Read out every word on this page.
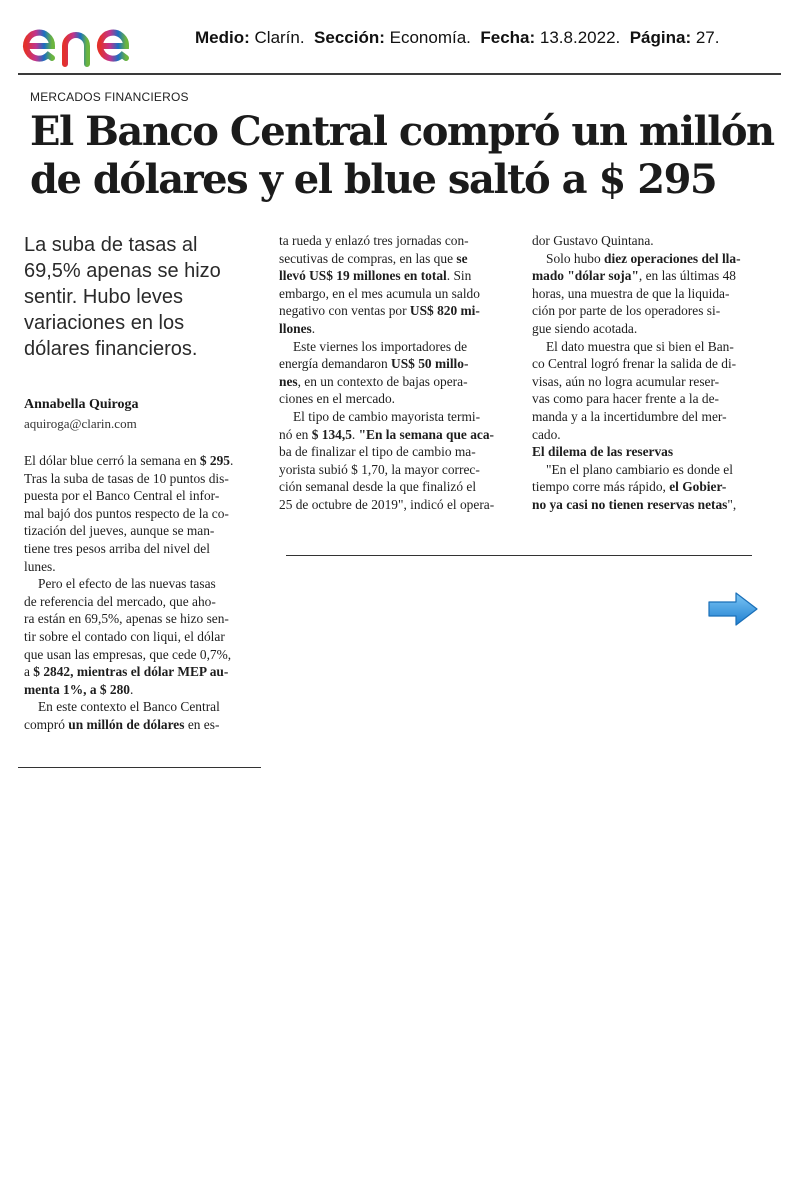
Medio: Clarín. Sección: Economía. Fecha: 13.8.2022. Página: 27.
MERCADOS FINANCIEROS
El Banco Central compró un millón
de dólares y el blue saltó a $ 295
La suba de tasas al
69,5% apenas se hizo
sentir. Hubo leves
variaciones en los
dólares financieros.
Annabella Quiroga
aquiroga@clarin.com
El dólar blue cerró la semana en $ 295.
Tras la suba de tasas de 10 puntos dis-
puesta por el Banco Central el infor-
mal bajó dos puntos respecto de la co-
tización del jueves, aunque se man-
tiene tres pesos arriba del nivel del
lunes.
Pero el efecto de las nuevas tasas
de referencia del mercado, que aho-
ra están en 69,5%, apenas se hizo sen-
tir sobre el contado con liqui, el dólar
que usan las empresas, que cede 0,7%,
a $ 2842, mientras el dólar MEP au-
menta 1%, a $ 280.
En este contexto el Banco Central
compró un millón de dólares en es-
ta rueda y enlazó tres jornadas con-
secutivas de compras, en las que se
llevó US$ 19 millones en total. Sin
embargo, en el mes acumula un saldo
negativo con ventas por US$ 820 mi-
llones.
Este viernes los importadores de
energía demandaron US$ 50 millo-
nes, en un contexto de bajas opera-
ciones en el mercado.
El tipo de cambio mayorista termi-
nó en $ 134,5. "En la semana que aca-
ba de finalizar el tipo de cambio ma-
yorista subió $ 1,70, la mayor correc-
ción semanal desde la que finalizó el
25 de octubre de 2019", indicó el opera-
dor Gustavo Quintana.
Solo hubo diez operaciones del lla-
mado "dólar soja", en las últimas 48
horas, una muestra de que la liquida-
ción por parte de los operadores si-
gue siendo acotada.
El dato muestra que si bien el Ban-
co Central logró frenar la salida de di-
visas, aún no logra acumular reser-
vas como para hacer frente a la de-
manda y a la incertidumbre del mer-
cado.
El dilema de las reservas
"En el plano cambiario es donde el
tiempo corre más rápido, el Gobier-
no ya casi no tienen reservas netas",
